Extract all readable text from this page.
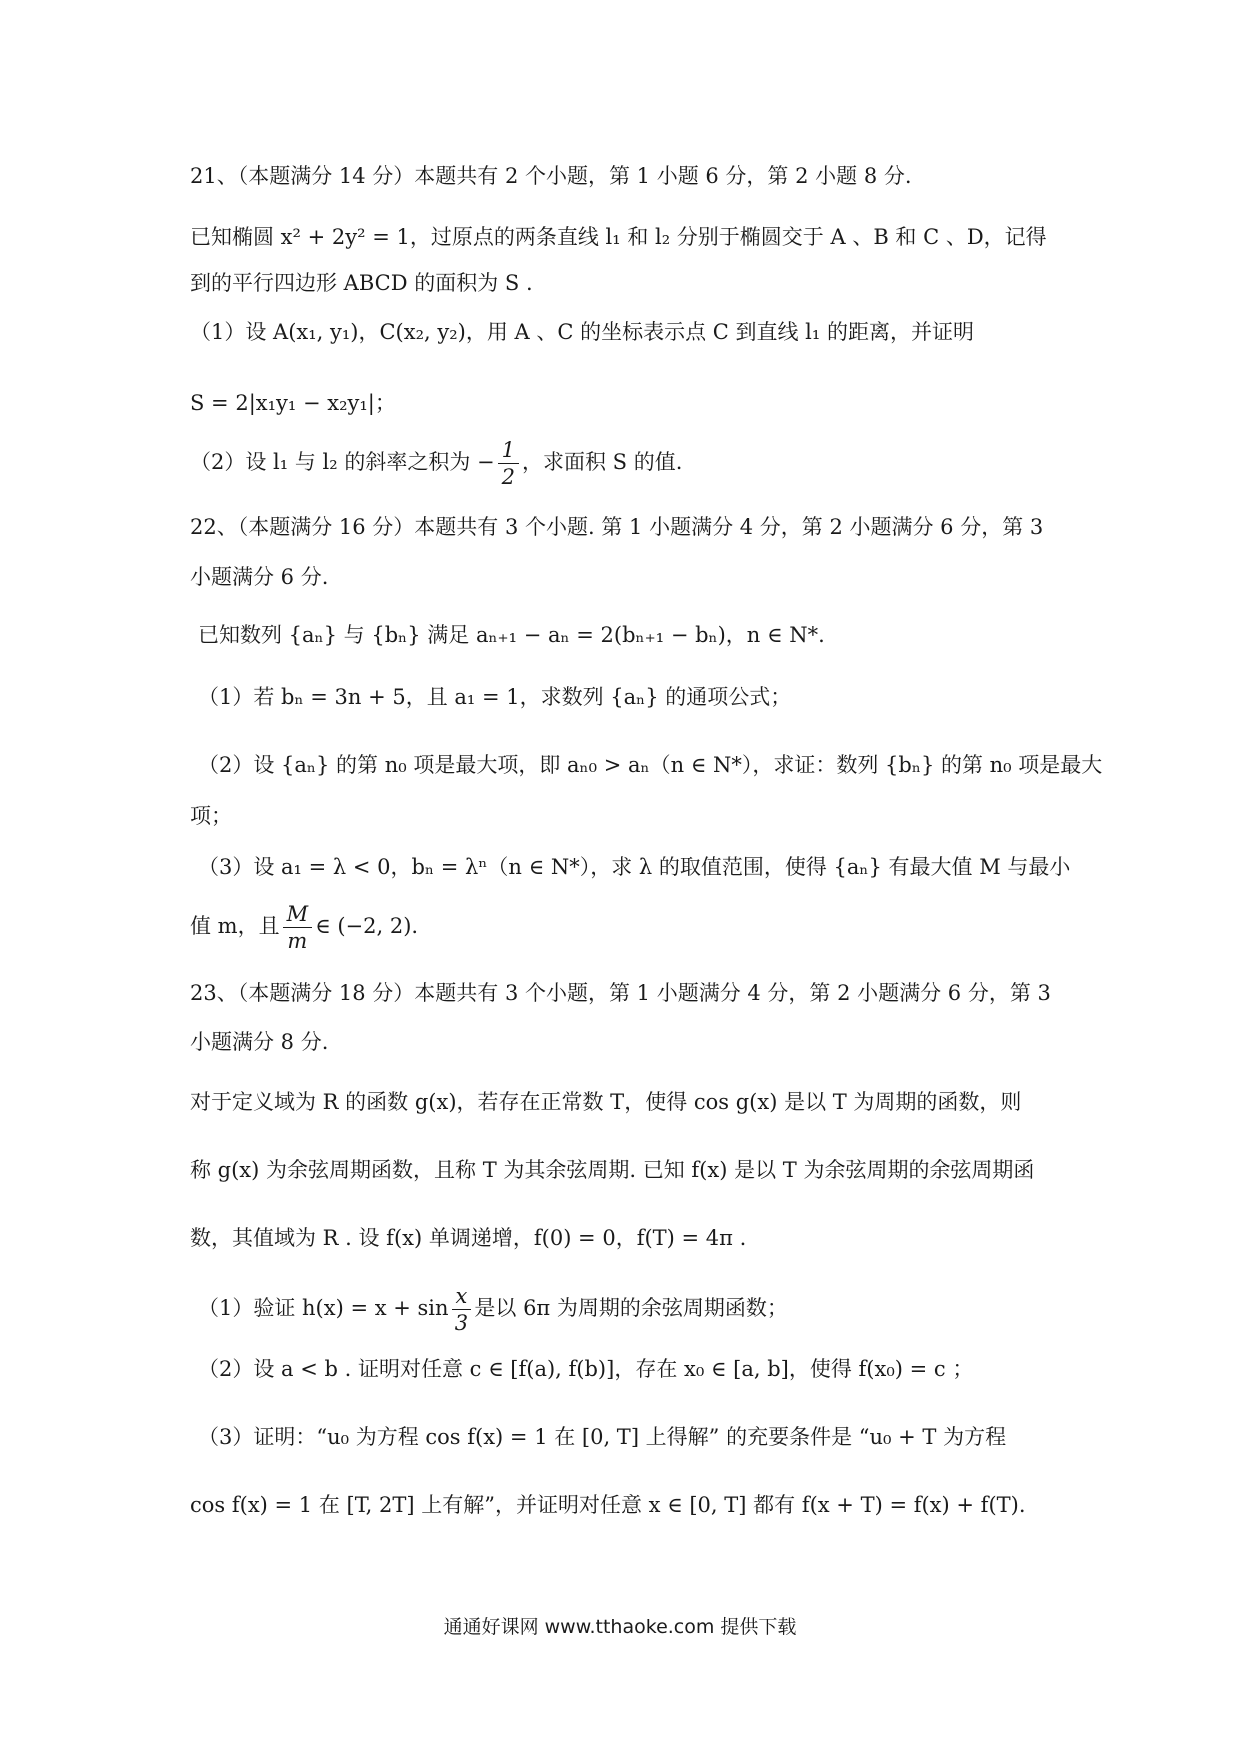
21、（本题满分 14 分）本题共有 2 个小题，第 1 小题 6 分，第 2 小题 8 分.
已知椭圆 x² + 2y² = 1，过原点的两条直线 l₁ 和 l₂ 分别于椭圆交于 A 、B 和 C 、D，记得
到的平行四边形 ABCD 的面积为 S .
（1）设 A(x₁, y₁)，C(x₂, y₂)，用 A 、C 的坐标表示点 C 到直线 l₁ 的距离，并证明
S = 2|x₁y₁ − x₂y₁|；
（2）设 l₁ 与 l₂ 的斜率之积为 − $\frac{1}{2}$ ，求面积 S 的值.
22、（本题满分 16 分）本题共有 3 个小题. 第 1 小题满分 4 分，第 2 小题满分 6 分，第 3
小题满分 6 分.
已知数列 {aₙ} 与 {bₙ} 满足 aₙ₊₁ − aₙ = 2(bₙ₊₁ − bₙ)，n ∈ N*.
（1）若 bₙ = 3n + 5，且 a₁ = 1，求数列 {aₙ} 的通项公式；
（2）设 {aₙ} 的第 n₀ 项是最大项，即 aₙ₀ > aₙ（n ∈ N*），求证：数列 {bₙ} 的第 n₀ 项是最大
项；
（3）设 a₁ = λ < 0，bₙ = λⁿ（n ∈ N*），求 λ 的取值范围，使得 {aₙ} 有最大值 M 与最小
值 m，且 $\frac{M}{m}$ ∈ (−2, 2).
23、（本题满分 18 分）本题共有 3 个小题，第 1 小题满分 4 分，第 2 小题满分 6 分，第 3
小题满分 8 分.
对于定义域为 R 的函数 g(x)，若存在正常数 T，使得 cos g(x) 是以 T 为周期的函数，则
称 g(x) 为余弦周期函数，且称 T 为其余弦周期. 已知 f(x) 是以 T 为余弦周期的余弦周期函
数，其值域为 R . 设 f(x) 单调递增，f(0) = 0，f(T) = 4π .
（1）验证 $h(x) = x + \sin \frac{x}{3}$ 是以 6π 为周期的余弦周期函数；
（2）设 a < b . 证明对任意 c ∈ [f(a), f(b)]，存在 x₀ ∈ [a, b]，使得 f(x₀) = c ；
（3）证明：“u₀ 为方程 cos f(x) = 1 在 [0, T] 上得解” 的充要条件是 “u₀ + T 为方程
cos f(x) = 1 在 [T, 2T] 上有解”，并证明对任意 x ∈ [0, T] 都有 f(x + T) = f(x) + f(T).
通通好课网 www.tthaoke.com 提供下载
